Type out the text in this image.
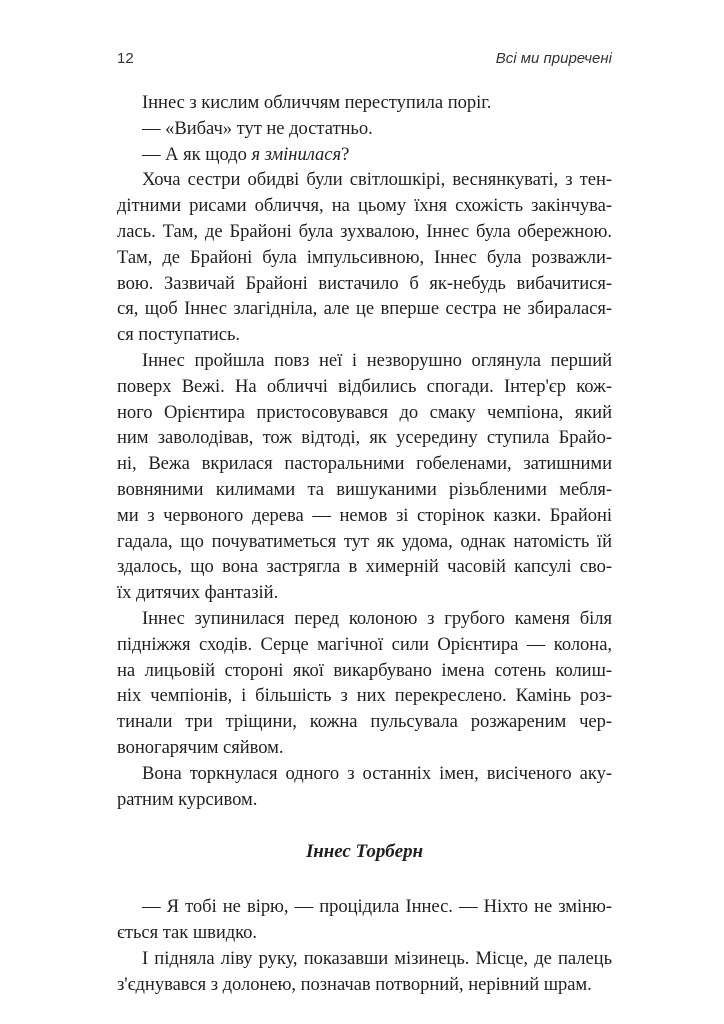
12	Всі ми приречені
Іннес з кислим обличчям переступила поріг.
— «Вибач» тут не достатньо.
— А як щодо я змінилася?
Хоча сестри обидві були світлошкірі, веснянкуваті, з тен-
дітними рисами обличчя, на цьому їхня схожість закінчува-
лась. Там, де Брайоні була зухвалою, Іннес була обережною.
Там, де Брайоні була імпульсивною, Іннес була розважли-
вою. Зазвичай Брайоні вистачило б як-небудь вибачитися-
ся, щоб Іннес злагідніла, але це вперше сестра не збиралася-
ся поступатись.
Іннес пройшла повз неї і незворушно оглянула перший
поверх Вежі. На обличчі відбились спогади. Інтер'єр кож-
ного Орієнтира пристосовувався до смаку чемпіона, який
ним заволодівав, тож відтоді, як усередину ступила Брайо-
ні, Вежа вкрилася пасторальними гобеленами, затишними
вовняними килимами та вишуканими різьбленими мебля-
ми з червоного дерева — немов зі сторінок казки. Брайоні
гадала, що почуватиметься тут як удома, однак натомість їй
здалось, що вона застрягла в химерній часовій капсулі сво-
їх дитячих фантазій.
Іннес зупинилася перед колоною з грубого каменя біля
підніжжя сходів. Серце магічної сили Орієнтира — колона,
на лицьовій стороні якої викарбувано імена сотень колиш-
ніх чемпіонів, і більшість з них перекреслено. Камінь роз-
тинали три тріщини, кожна пульсувала розжареним чер-
воногарячим сяйвом.
Вона торкнулася одного з останніх імен, висіченого аку-
ратним курсивом.
Іннес Торберн
— Я тобі не вірю, — процідила Іннес. — Ніхто не зміню-
ється так швидко.
І підняла ліву руку, показавши мізинець. Місце, де палець
з'єднувався з долонею, позначав потворний, нерівний шрам.
